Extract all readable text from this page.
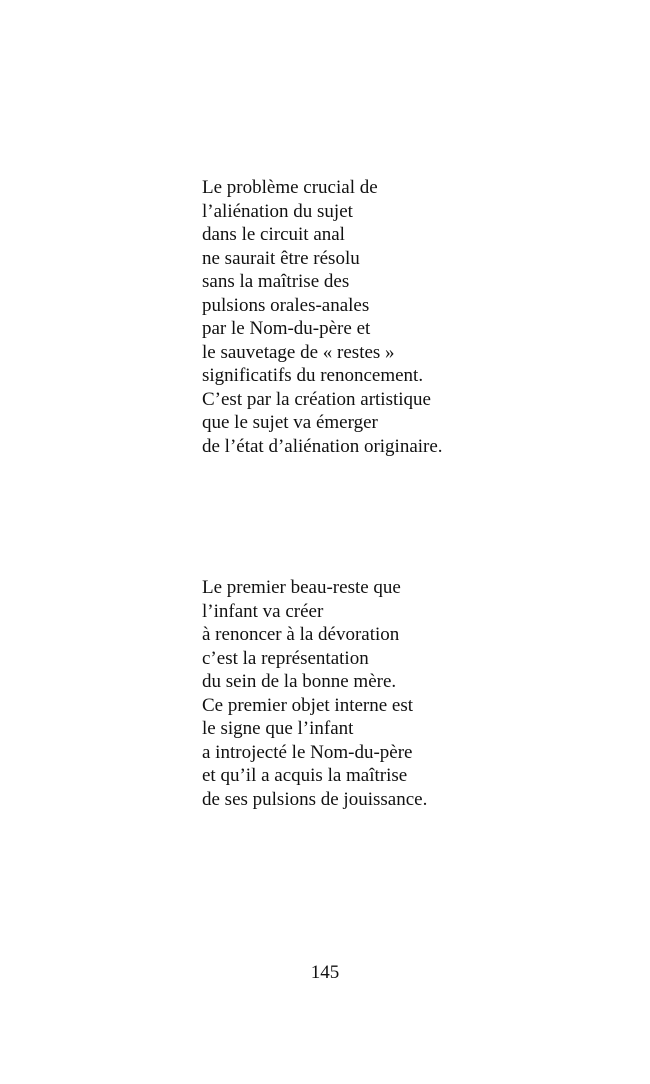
Le problème crucial de
l’aliénation du sujet
dans le circuit anal
ne saurait être résolu
sans la maîtrise des
pulsions orales-anales
par le Nom-du-père et
le sauvetage de « restes »
significatifs du renoncement.
C’est par la création artistique
que le sujet va émerger
de l’état d’aliénation originaire.
Le premier beau-reste que
l’infant va créer
à renoncer à la dévoration
c’est la représentation
du sein de la bonne mère.
Ce premier objet interne est
le signe que l’infant
a introjecté le Nom-du-père
et qu’il a acquis la maîtrise
de ses pulsions de jouissance.
145
